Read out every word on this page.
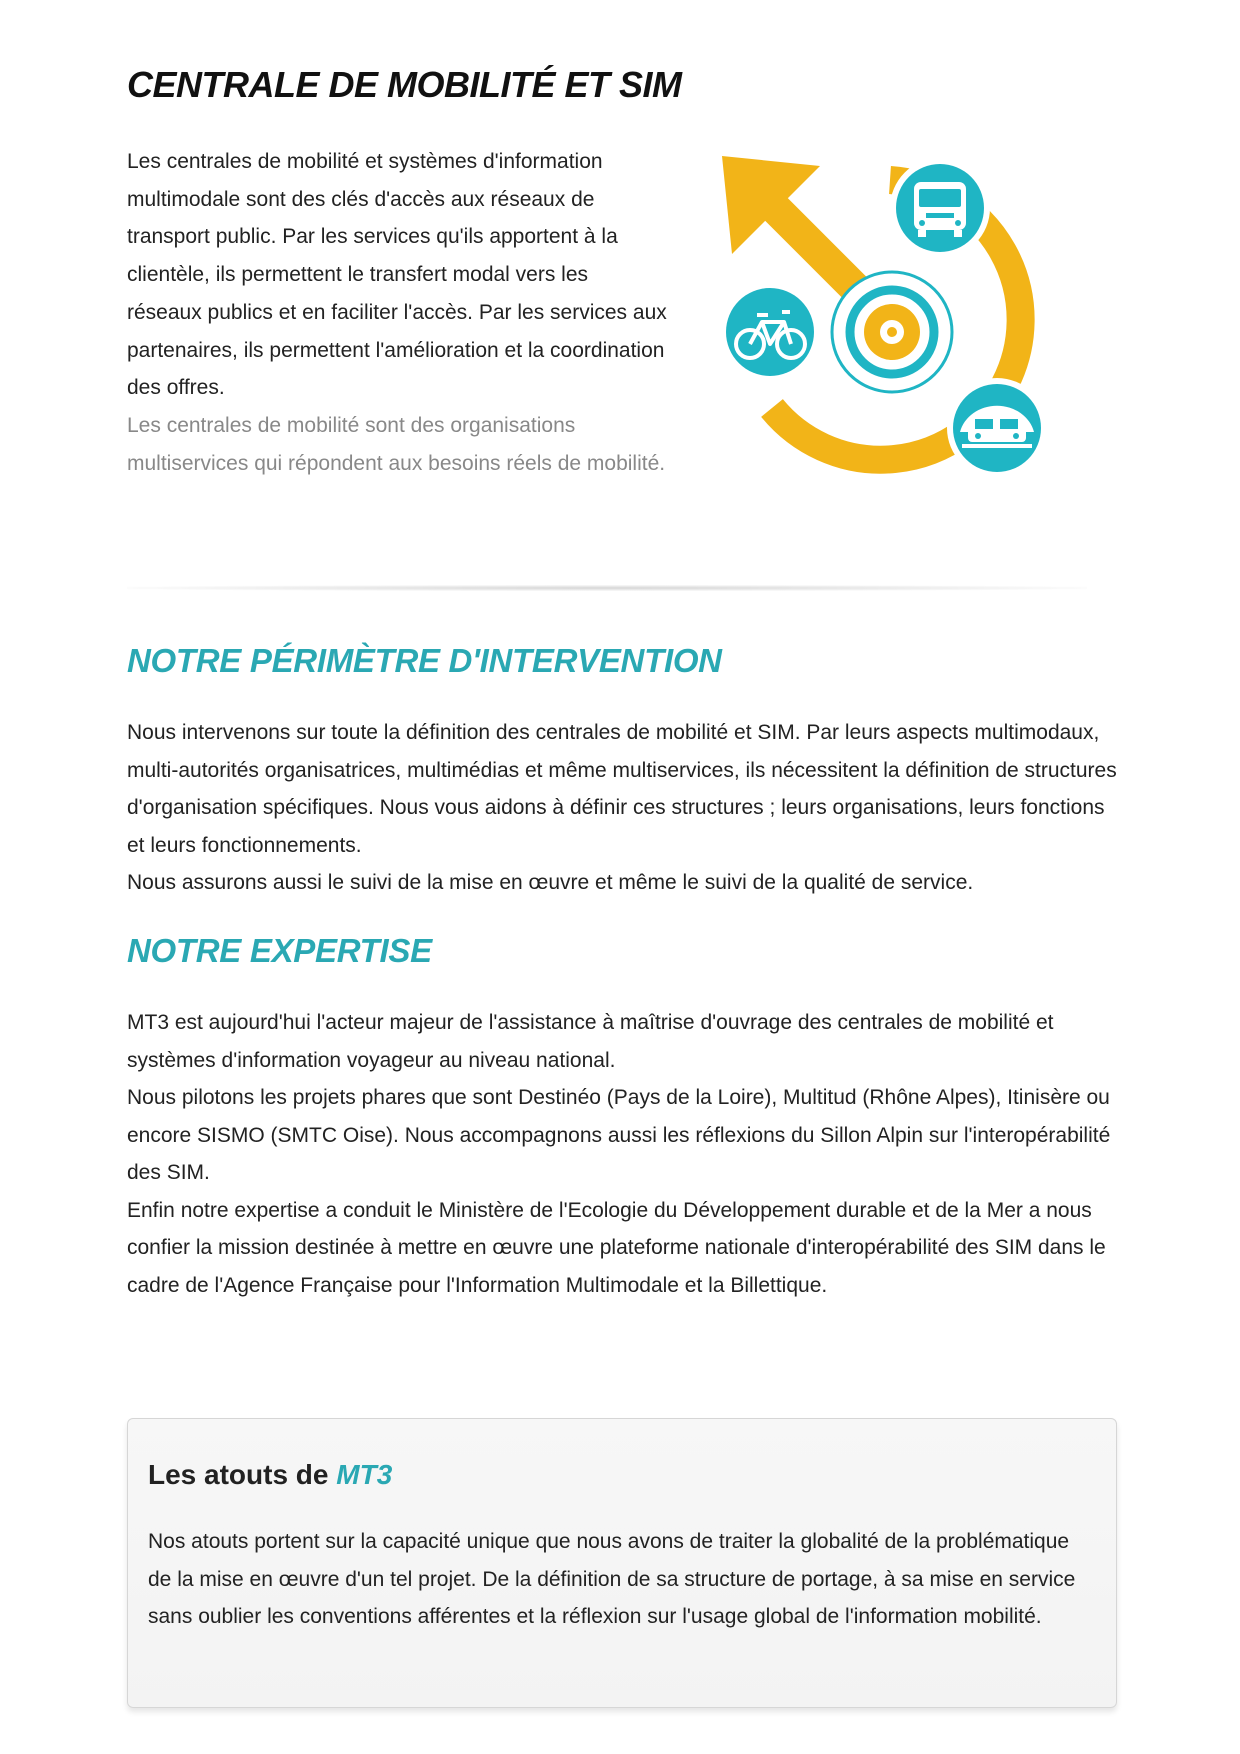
CENTRALE DE MOBILITÉ ET SIM

Les centrales de mobilité et systèmes d'information multimodale sont des clés d'accès aux réseaux de transport public. Par les services qu'ils apportent à la clientèle, ils permettent le transfert modal vers les réseaux publics et en faciliter l'accès. Par les services aux partenaires, ils permettent l'amélioration et la coordination des offres.

Les centrales de mobilité sont des organisations multiservices qui répondent aux besoins réels de mobilité.

NOTRE PÉRIMÈTRE D'INTERVENTION

Nous intervenons sur toute la définition des centrales de mobilité et SIM. Par leurs aspects multimodaux, multi-autorités organisatrices, multimédias et même multiservices, ils nécessitent la définition de structures d'organisation spécifiques. Nous vous aidons à définir ces structures ; leurs organisations, leurs fonctions et leurs fonctionnements.

Nous assurons aussi le suivi de la mise en œuvre et même le suivi de la qualité de service.

NOTRE EXPERTISE

MT3 est aujourd'hui l'acteur majeur de l'assistance à maîtrise d'ouvrage des centrales de mobilité et systèmes d'information voyageur au niveau national.

Nous pilotons les projets phares que sont Destinéo (Pays de la Loire), Multitud (Rhône Alpes), Itinisère ou encore SISMO (SMTC Oise). Nous accompagnons aussi les réflexions du Sillon Alpin sur l'interopérabilité des SIM.

Enfin notre expertise a conduit le Ministère de l'Ecologie du Développement durable et de la Mer a nous confier la mission destinée à mettre en œuvre une plateforme nationale d'interopérabilité des SIM dans le cadre de l'Agence Française pour l'Information Multimodale et la Billettique.

Les atouts de MT3

Nos atouts portent sur la capacité unique que nous avons de traiter la globalité de la problématique de la mise en œuvre d'un tel projet. De la définition de sa structure de portage, à sa mise en service sans oublier les conventions afférentes et la réflexion sur l'usage global de l'information mobilité.
